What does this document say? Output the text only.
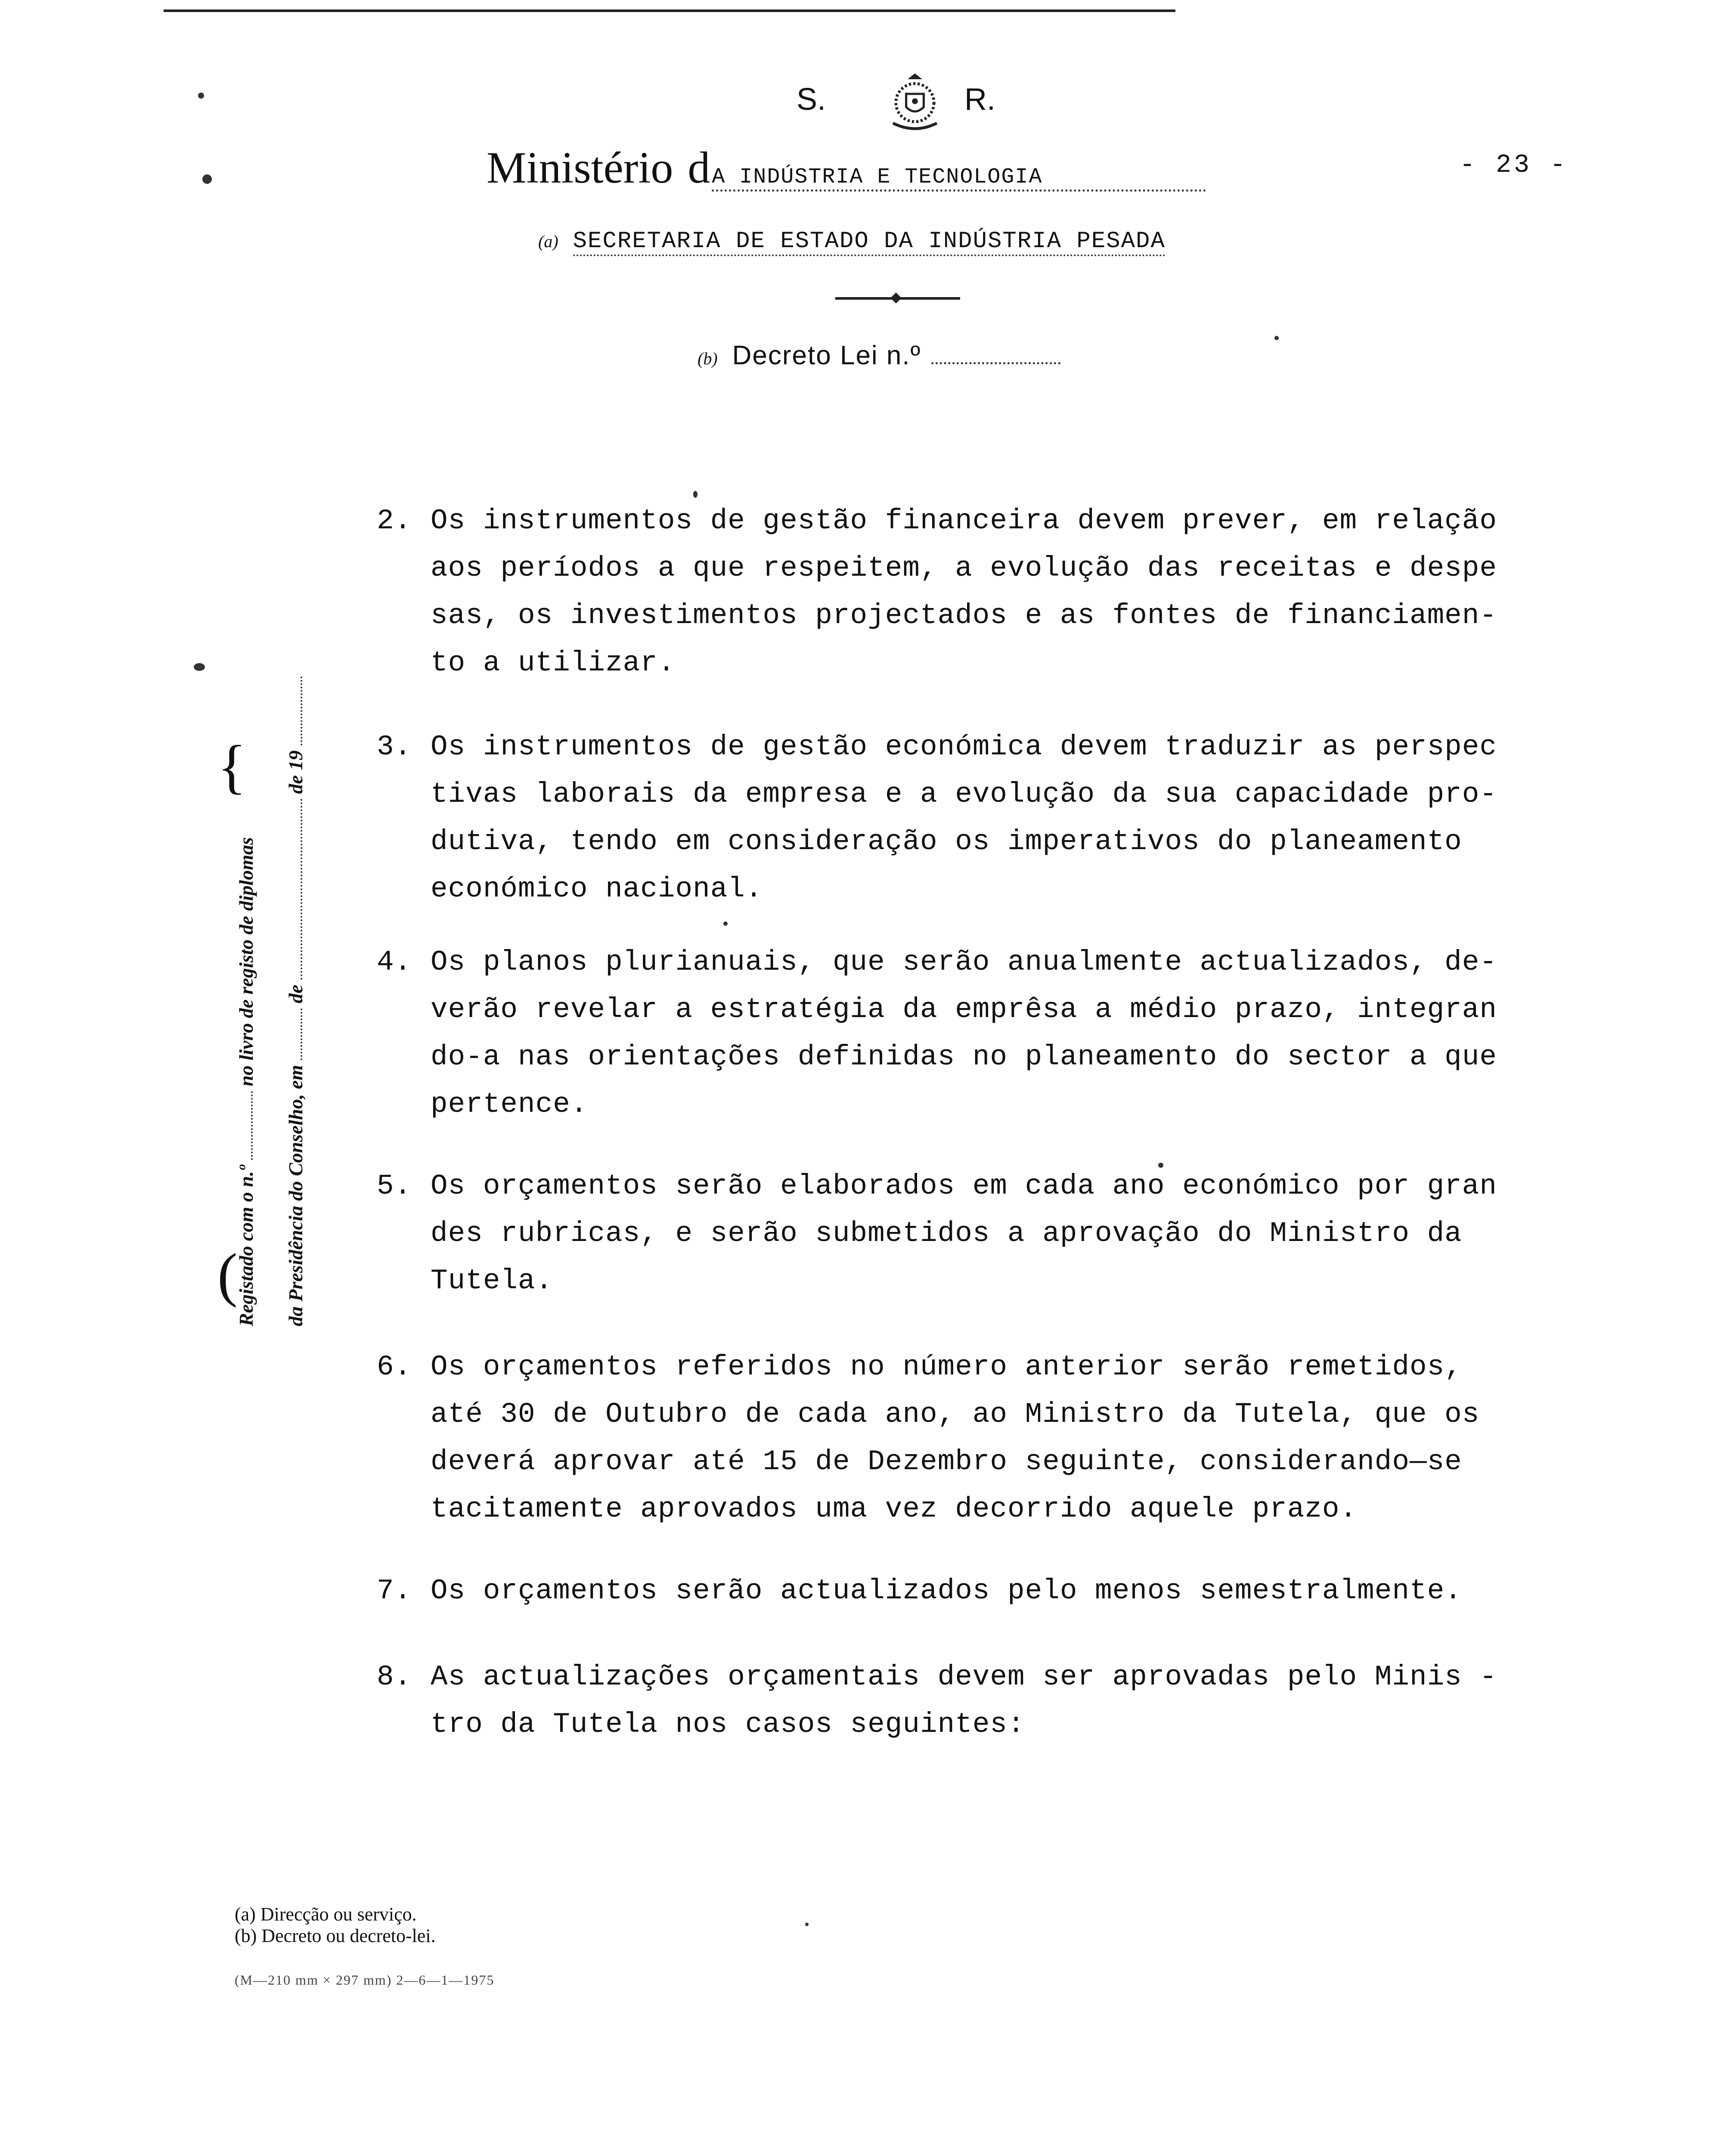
S.	R.
Ministério d A INDÚSTRIA E TECNOLOGIA	- 23 -
(a) SECRETARIA DE ESTADO DA INDÚSTRIA PESADA
(b) Decreto Lei n.º
{
Registado com o n.º  no livro de registo de diplomas
da Presidência do Conselho, em  de  de 19
(
2. Os instrumentos de gestão financeira devem prever, em relação
aos períodos a que respeitem, a evolução das receitas e despe
sas, os investimentos projectados e as fontes de financiamen-
to a utilizar.
3. Os instrumentos de gestão económica devem traduzir as perspec
tivas laborais da empresa e a evolução da sua capacidade pro-
dutiva, tendo em consideração os imperativos do planeamento
económico nacional.
4. Os planos plurianuais, que serão anualmente actualizados, de-
verão revelar a estratégia da emprêsa a médio prazo, integran
do-a nas orientações definidas no planeamento do sector a que
pertence.
5. Os orçamentos serão elaborados em cada ano económico por gran
des rubricas, e serão submetidos a aprovação do Ministro da
Tutela.
6. Os orçamentos referidos no número anterior serão remetidos,
até 30 de Outubro de cada ano, ao Ministro da Tutela, que os
deverá aprovar até 15 de Dezembro seguinte, considerando—se
tacitamente aprovados uma vez decorrido aquele prazo.
7. Os orçamentos serão actualizados pelo menos semestralmente.
8. As actualizações orçamentais devem ser aprovadas pelo Minis -
tro da Tutela nos casos seguintes:
(a) Direcção ou serviço.
(b) Decreto ou decreto-lei.
(M—210 mm × 297 mm) 2—6—1—1975
